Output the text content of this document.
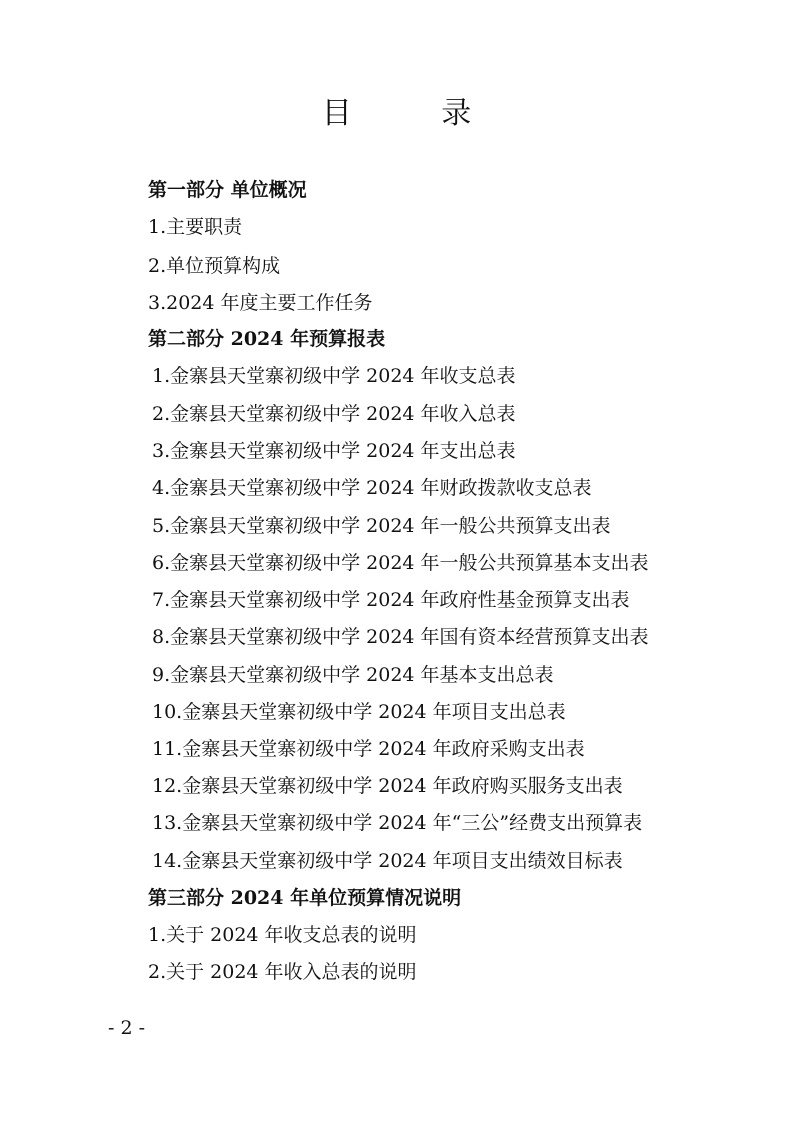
目 录
第一部分 单位概况
1.主要职责
2.单位预算构成
3.2024 年度主要工作任务
第二部分 2024 年预算报表
1.金寨县天堂寨初级中学 2024 年收支总表
2.金寨县天堂寨初级中学 2024 年收入总表
3.金寨县天堂寨初级中学 2024 年支出总表
4.金寨县天堂寨初级中学 2024 年财政拨款收支总表
5.金寨县天堂寨初级中学 2024 年一般公共预算支出表
6.金寨县天堂寨初级中学 2024 年一般公共预算基本支出表
7.金寨县天堂寨初级中学 2024 年政府性基金预算支出表
8.金寨县天堂寨初级中学 2024 年国有资本经营预算支出表
9.金寨县天堂寨初级中学 2024 年基本支出总表
10.金寨县天堂寨初级中学 2024 年项目支出总表
11.金寨县天堂寨初级中学 2024 年政府采购支出表
12.金寨县天堂寨初级中学 2024 年政府购买服务支出表
13.金寨县天堂寨初级中学 2024 年“三公”经费支出预算表
14.金寨县天堂寨初级中学 2024 年项目支出绩效目标表
第三部分 2024 年单位预算情况说明
1.关于 2024 年收支总表的说明
2.关于 2024 年收入总表的说明
- 2 -
